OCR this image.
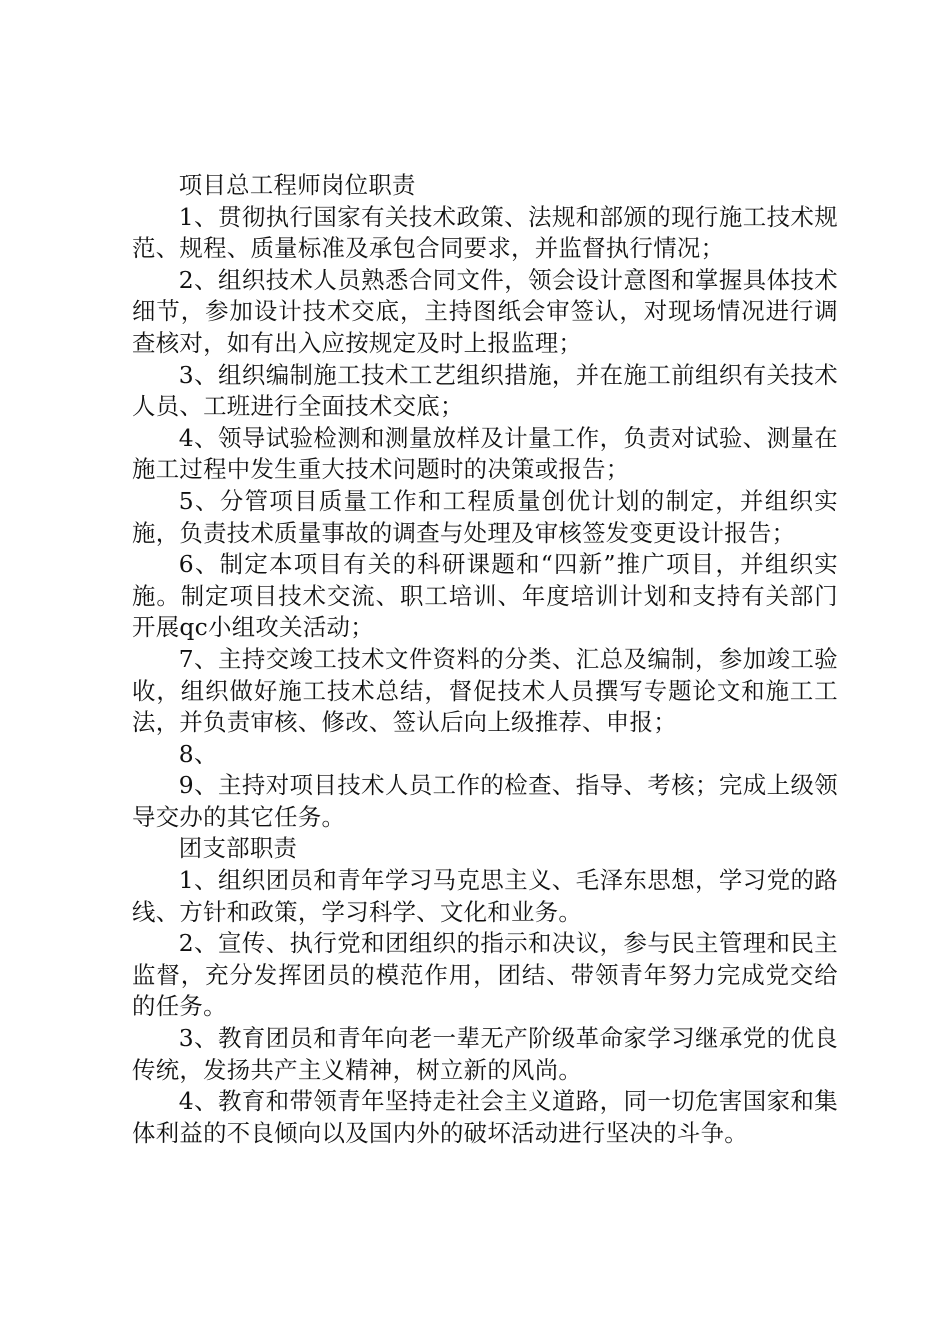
项目总工程师岗位职责

1、贯彻执行国家有关技术政策、法规和部颁的现行施工技术规范、规程、质量标准及承包合同要求，并监督执行情况；

2、组织技术人员熟悉合同文件，领会设计意图和掌握具体技术细节，参加设计技术交底，主持图纸会审签认，对现场情况进行调查核对，如有出入应按规定及时上报监理；

3、组织编制施工技术工艺组织措施，并在施工前组织有关技术人员、工班进行全面技术交底；

4、领导试验检测和测量放样及计量工作，负责对试验、测量在施工过程中发生重大技术问题时的决策或报告；

5、分管项目质量工作和工程质量创优计划的制定，并组织实施，负责技术质量事故的调查与处理及审核签发变更设计报告；

6、制定本项目有关的科研课题和“四新”推广项目，并组织实施。制定项目技术交流、职工培训、年度培训计划和支持有关部门开展qc小组攻关活动；

7、主持交竣工技术文件资料的分类、汇总及编制，参加竣工验收，组织做好施工技术总结，督促技术人员撰写专题论文和施工工法，并负责审核、修改、签认后向上级推荐、申报；

8、

9、主持对项目技术人员工作的检查、指导、考核；完成上级领导交办的其它任务。

团支部职责

1、组织团员和青年学习马克思主义、毛泽东思想，学习党的路线、方针和政策，学习科学、文化和业务。

2、宣传、执行党和团组织的指示和决议，参与民主管理和民主监督，充分发挥团员的模范作用，团结、带领青年努力完成党交给的任务。

3、教育团员和青年向老一辈无产阶级革命家学习继承党的优良传统，发扬共产主义精神，树立新的风尚。

4、教育和带领青年坚持走社会主义道路，同一切危害国家和集体利益的不良倾向以及国内外的破坏活动进行坚决的斗争。
